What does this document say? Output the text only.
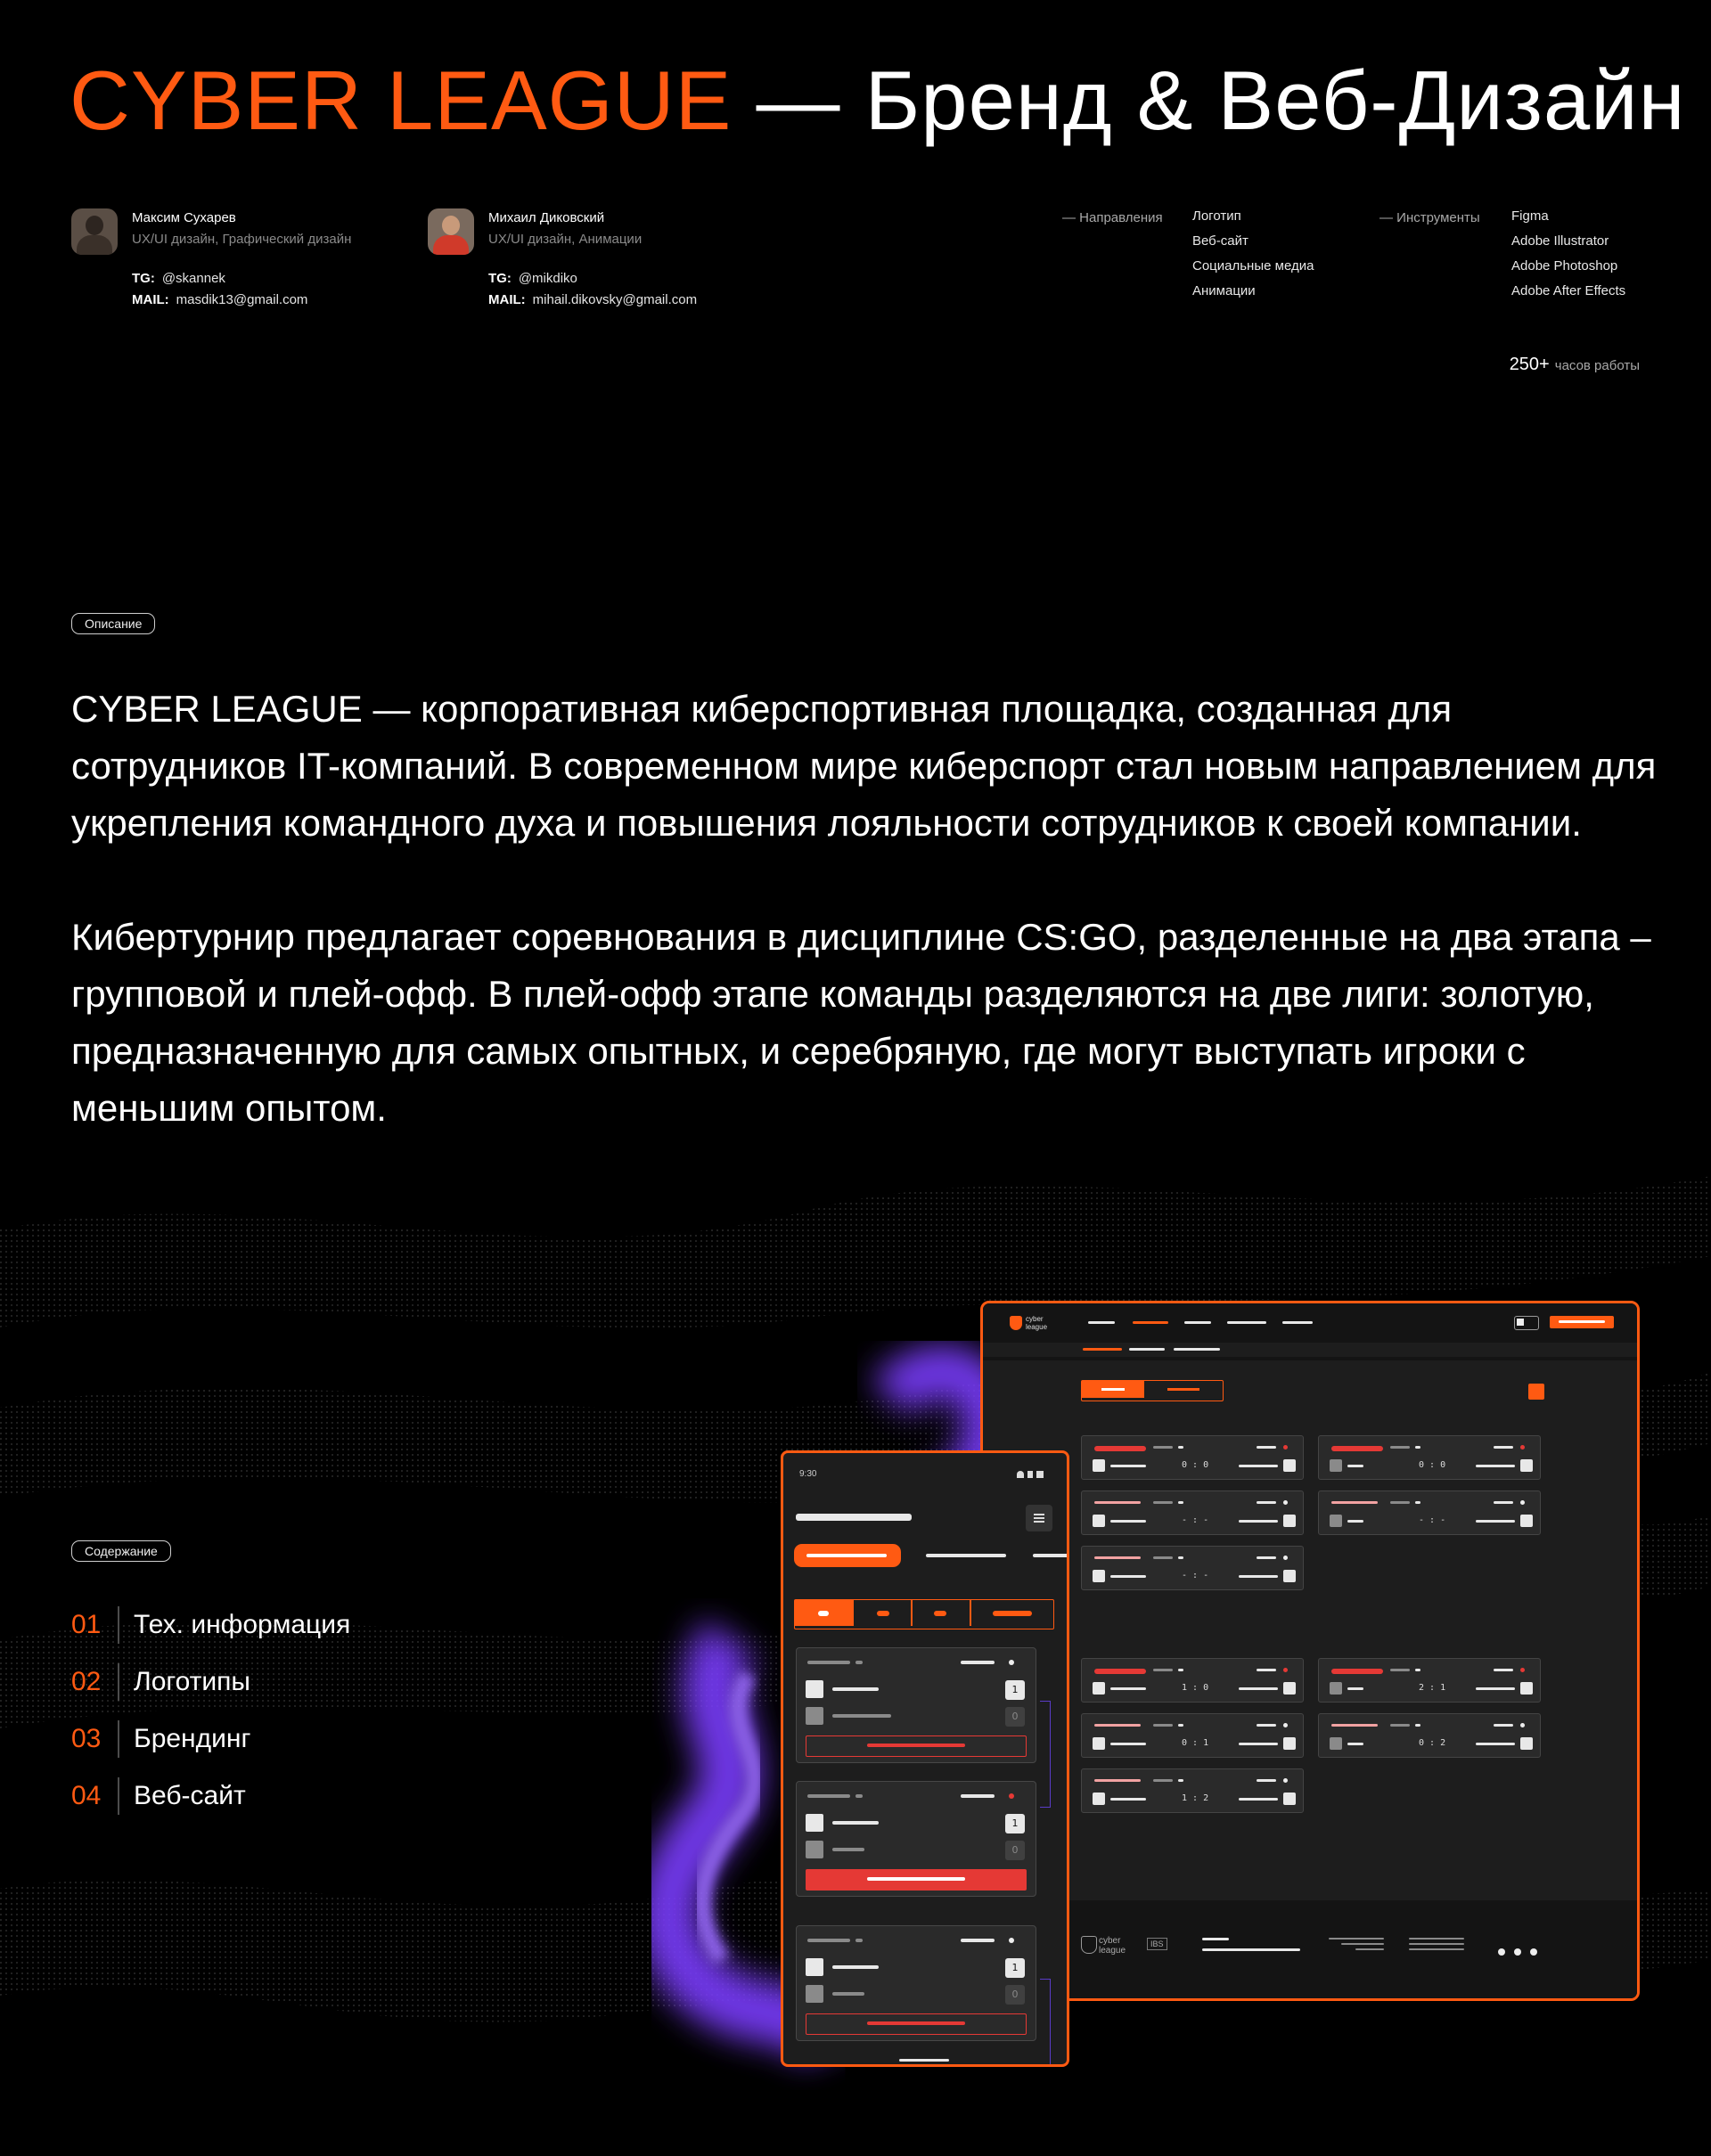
CYBER LEAGUE — Бренд & Веб-Дизайн
Максим Сухарев
UX/UI дизайн, Графический дизайн
TG: @skannek
MAIL: masdik13@gmail.com
Михаил Диковский
UX/UI дизайн, Анимации
TG: @mikdiko
MAIL: mihail.dikovsky@gmail.com
— Направления Логотип
Веб-сайт
Социальные медиа
Анимации
— Инструменты Figma
Adobe Illustrator
Adobe Photoshop
Adobe After Effects
250+ часов работы
Описание

CYBER LEAGUE — корпоративная киберспортивная площадка, созданная для сотрудников IT-компаний. В современном мире киберспорт стал новым направлением для укрепления командного духа и повышения лояльности сотрудников к своей компании.

Кибертурнир предлагает соревнования в дисциплине CS:GO, разделенные на два этапа – групповой и плей-офф. В плей-офф этапе команды разделяются на две лиги: золотую, предназначенную для самых опытных, и серебряную, где могут выступать игроки с меньшим опытом.

Содержание
01	Тех. информация
02	Логотипы
03	Брендинг
04	Веб-сайт
cyber league
0 : 0	0 : 0
- : -	- : -
- : -
1 : 0	2 : 1
0 : 1	0 : 2
1 : 2
cyber league
IBS
9:30
1
0
1
0
1
0
